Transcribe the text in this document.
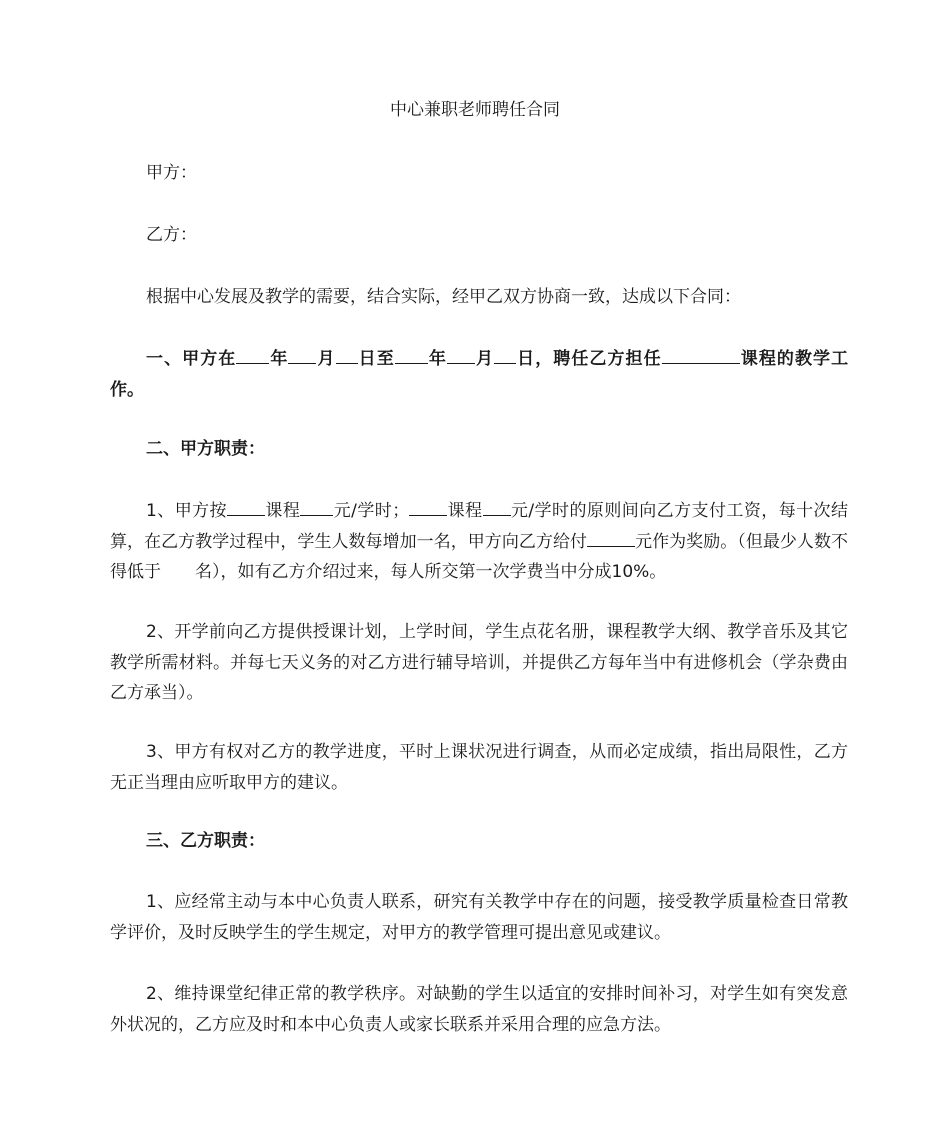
中心兼职老师聘任合同
甲方：
乙方：
根据中心发展及教学的需要，结合实际，经甲乙双方协商一致，达成以下合同：
一、甲方在 年 月 日至 年 月 日，聘任乙方担任	课程的教学工作。
二、甲方职责：
1、甲方按 课程 元/学时； 课程 元/学时的原则间向乙方支付工资，每十次结算，在乙方教学过程中，学生人数每增加一名，甲方向乙方给付	元作为奖励。（但最少人数不得低于 名），如有乙方介绍过来，每人所交第一次学费当中分成10%。
2、开学前向乙方提供授课计划，上学时间，学生点花名册，课程教学大纲、教学音乐及其它教学所需材料。并每七天义务的对乙方进行辅导培训，并提供乙方每年当中有进修机会（学杂费由乙方承当）。
3、甲方有权对乙方的教学进度，平时上课状况进行调查，从而必定成绩，指出局限性，乙方无正当理由应听取甲方的建议。
三、乙方职责：
1、应经常主动与本中心负责人联系，研究有关教学中存在的问题，接受教学质量检查日常教学评价，及时反映学生的学生规定，对甲方的教学管理可提出意见或建议。
2、维持课堂纪律正常的教学秩序。对缺勤的学生以适宜的安排时间补习，对学生如有突发意外状况的，乙方应及时和本中心负责人或家长联系并采用合理的应急方法。
